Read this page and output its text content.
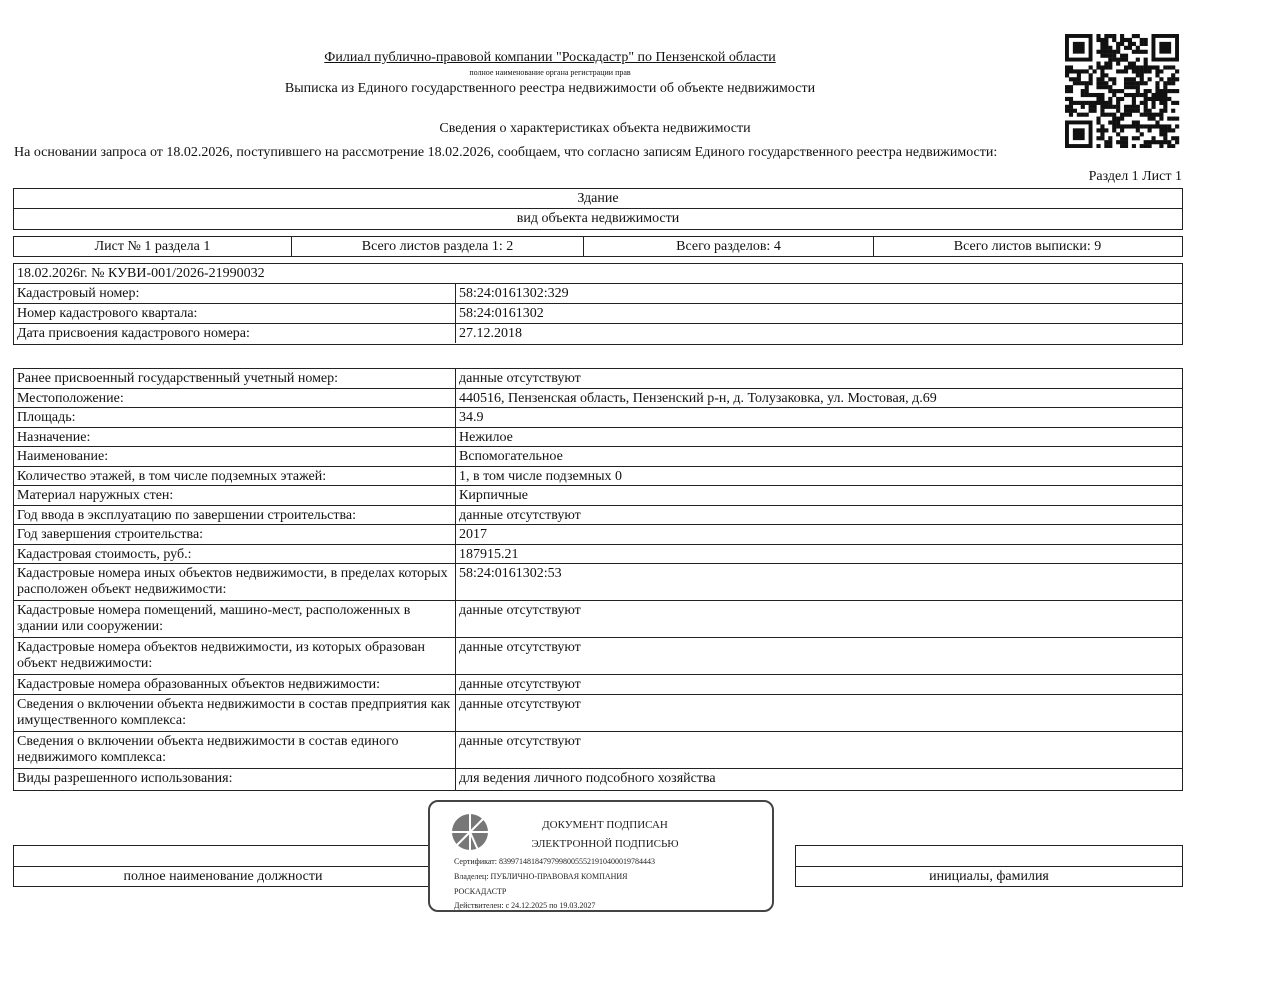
Филиал публично-правовой компании "Роскадастр" по Пензенской области
полное наименование органа регистрации прав
Выписка из Единого государственного реестра недвижимости об объекте недвижимости
Сведения о характеристиках объекта недвижимости
На основании запроса от 18.02.2026, поступившего на рассмотрение 18.02.2026, сообщаем, что согласно записям Единого государственного реестра недвижимости:
Раздел 1 Лист 1
Здание
вид объекта недвижимости
Лист № 1 раздела 1	Всего листов раздела 1: 2	Всего разделов: 4	Всего листов выписки: 9
18.02.2026г. № КУВИ-001/2026-21990032
Кадастровый номер:	58:24:0161302:329
Номер кадастрового квартала:	58:24:0161302
Дата присвоения кадастрового номера:	27.12.2018
Ранее присвоенный государственный учетный номер:	данные отсутствуют
Местоположение:	440516, Пензенская область, Пензенский р-н, д. Толузаковка, ул. Мостовая, д.69
Площадь:	34.9
Назначение:	Нежилое
Наименование:	Вспомогательное
Количество этажей, в том числе подземных этажей:	1, в том числе подземных 0
Материал наружных стен:	Кирпичные
Год ввода в эксплуатацию по завершении строительства:	данные отсутствуют
Год завершения строительства:	2017
Кадастровая стоимость, руб.:	187915.21
Кадастровые номера иных объектов недвижимости, в пределах которых расположен объект недвижимости:
58:24:0161302:53
Кадастровые номера помещений, машино-мест, расположенных в здании или сооружении:
данные отсутствуют
Кадастровые номера объектов недвижимости, из которых образован объект недвижимости:
данные отсутствуют
Кадастровые номера образованных объектов недвижимости:	данные отсутствуют
Сведения о включении объекта недвижимости в состав предприятия как имущественного комплекса:
данные отсутствуют
Сведения о включении объекта недвижимости в состав единого недвижимого комплекса:
данные отсутствуют
Виды разрешенного использования:	для ведения личного подсобного хозяйства
полное наименование должности	инициалы, фамилия
ДОКУМЕНТ ПОДПИСАН
ЭЛЕКТРОННОЙ ПОДПИСЬЮ
Сертификат: 839971481847979980055521910400019784443
Владелец: ПУБЛИЧНО-ПРАВОВАЯ КОМПАНИЯ
РОСКАДАСТР
Действителен: с 24.12.2025 по 19.03.2027
